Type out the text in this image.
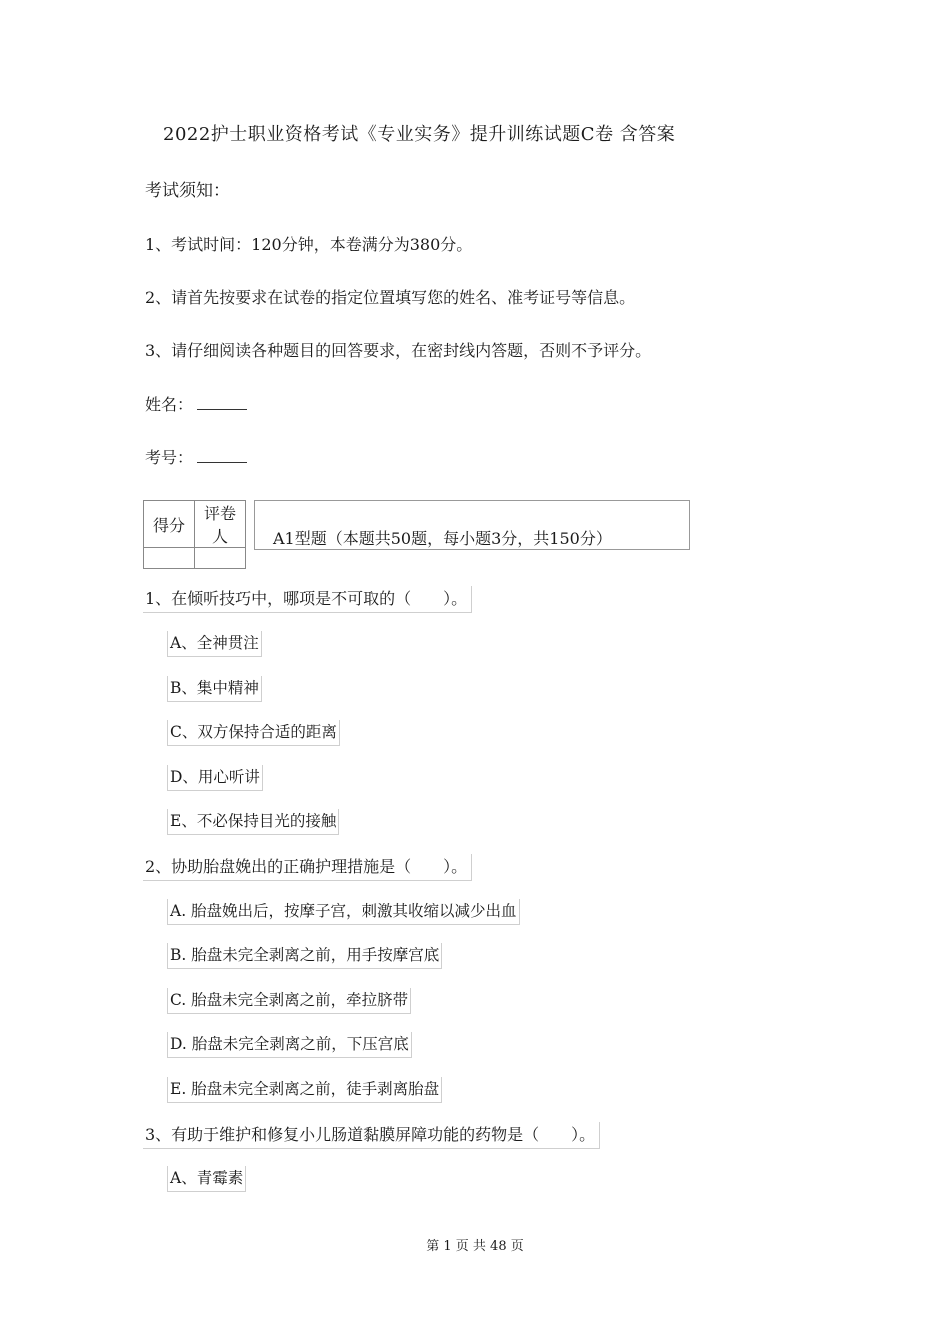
2022护士职业资格考试《专业实务》提升训练试题C卷 含答案
考试须知：
1、考试时间：120分钟，本卷满分为380分。
2、请首先按要求在试卷的指定位置填写您的姓名、准考证号等信息。
3、请仔细阅读各种题目的回答要求，在密封线内答题，否则不予评分。
姓名：
考号：
得分	评卷人
		A1型题（本题共50题，每小题3分，共150分）
1、在倾听技巧中，哪项是不可取的（　　）。
A、全神贯注
B、集中精神
C、双方保持合适的距离
D、用心听讲
E、不必保持目光的接触
2、协助胎盘娩出的正确护理措施是（　　）。
A. 胎盘娩出后，按摩子宫，刺激其收缩以减少出血
B. 胎盘未完全剥离之前，用手按摩宫底
C. 胎盘未完全剥离之前，牵拉脐带
D. 胎盘未完全剥离之前，下压宫底
E. 胎盘未完全剥离之前，徒手剥离胎盘
3、有助于维护和修复小儿肠道黏膜屏障功能的药物是（　　）。
A、青霉素
第 1 页 共 48 页
